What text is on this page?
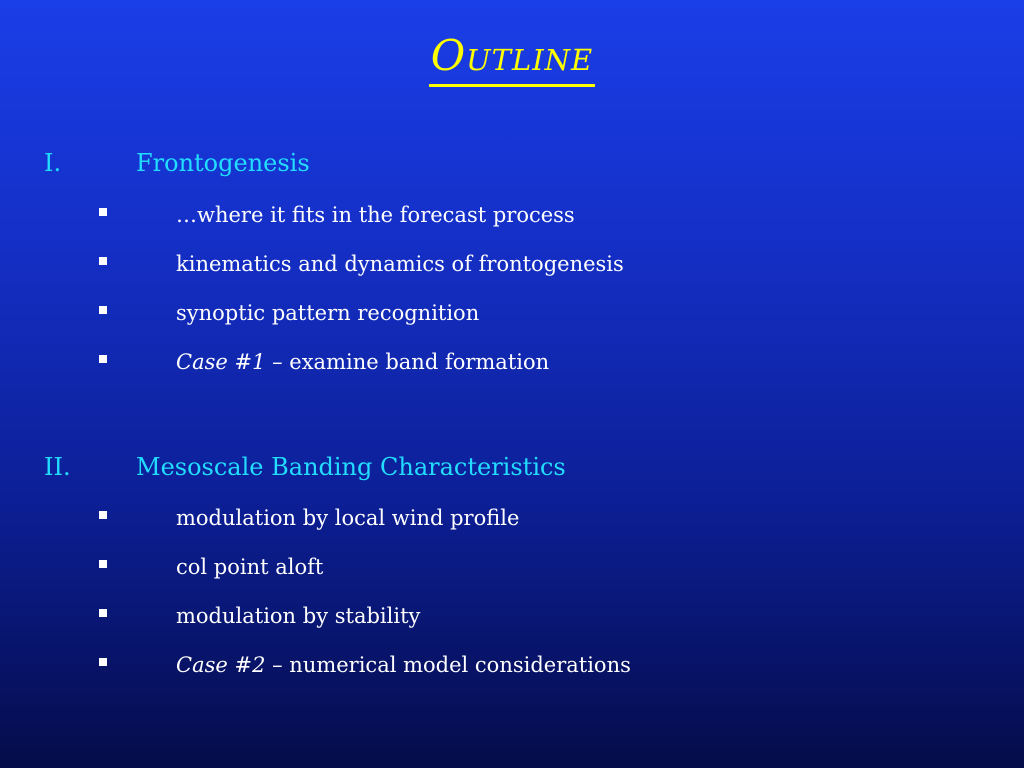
Outline
I.	Frontogenesis
…where it fits in the forecast process
kinematics and dynamics of frontogenesis
synoptic pattern recognition
Case #1 – examine band formation
II.	Mesoscale Banding Characteristics
modulation by local wind profile
col point aloft
modulation by stability
Case #2 – numerical model considerations
